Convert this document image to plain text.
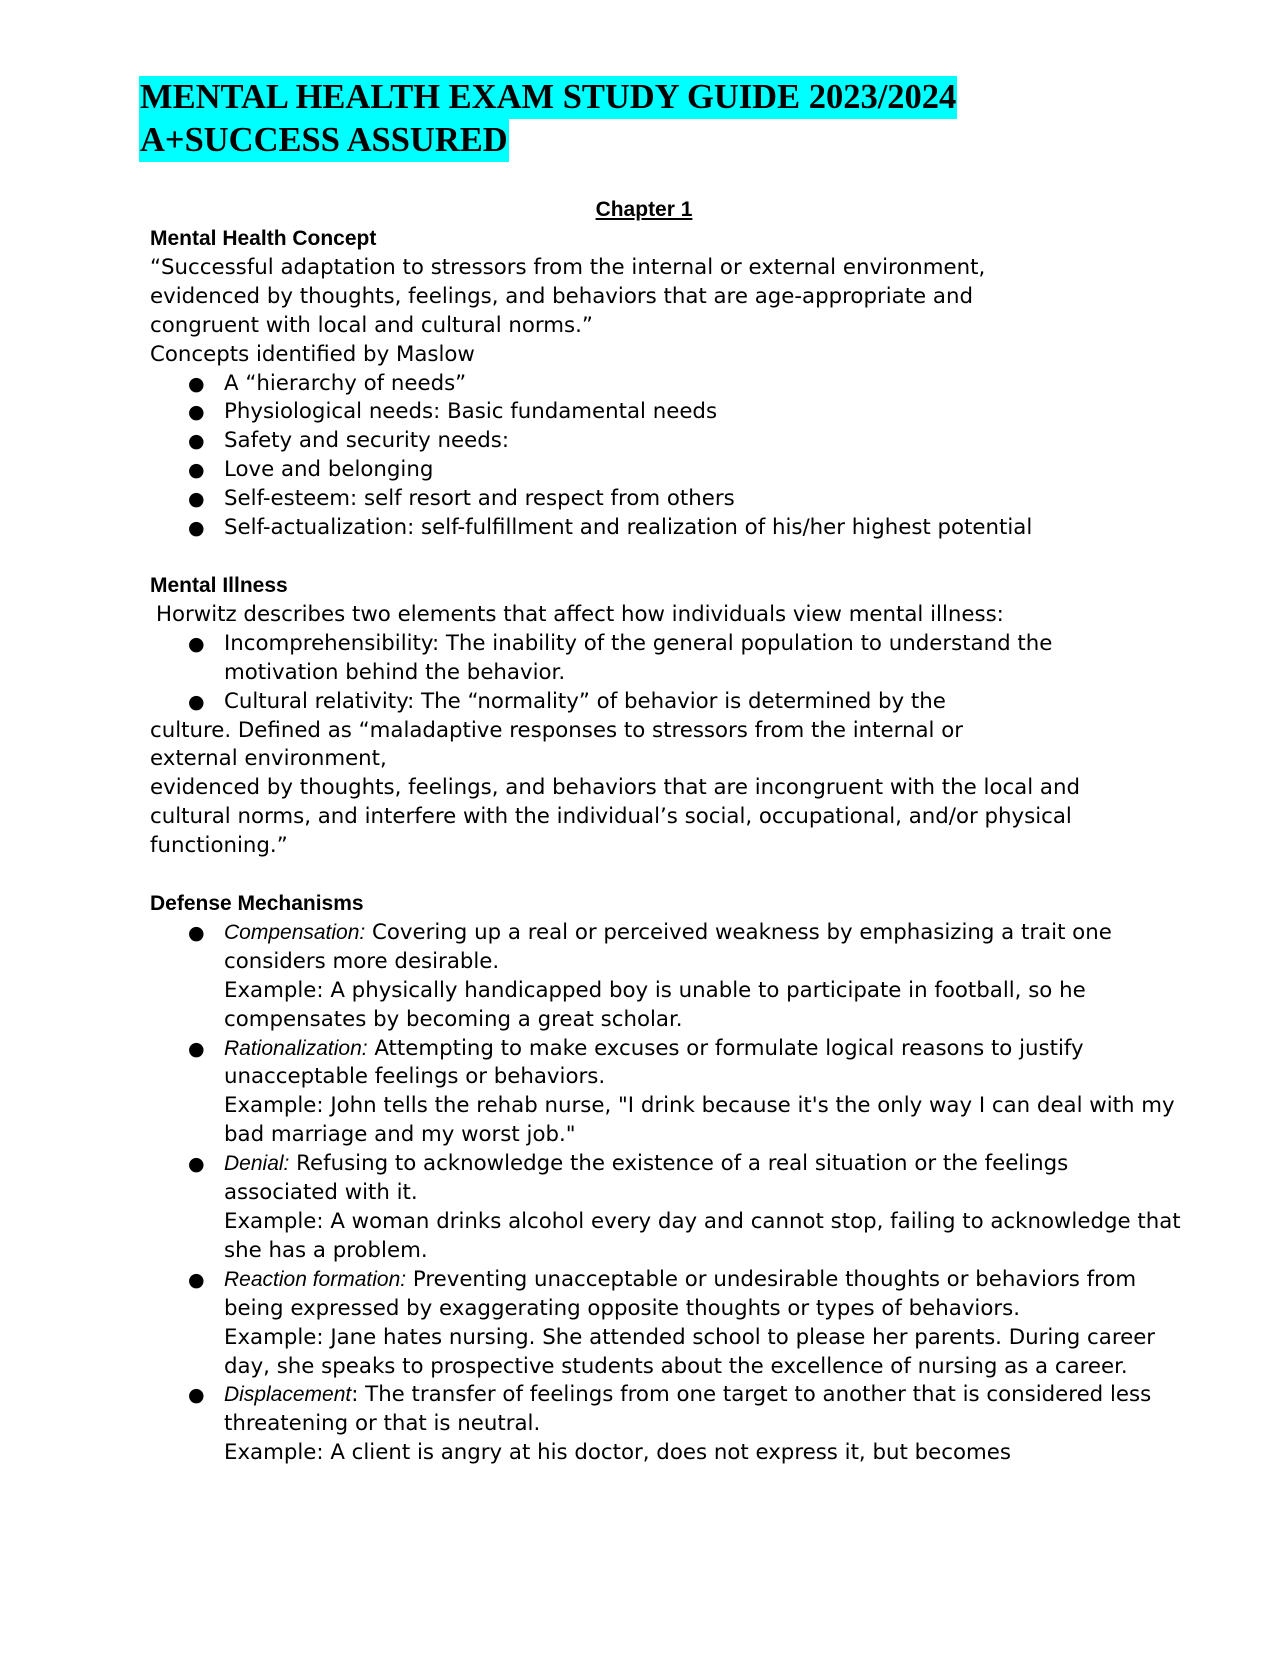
MENTAL HEALTH EXAM STUDY GUIDE 2023/2024
A+SUCCESS ASSURED
Chapter 1

Mental Health Concept

“Successful adaptation to stressors from the internal or external environment, evidenced by thoughts, feelings, and behaviors that are age-appropriate and congruent with local and cultural norms.”

Concepts identified by Maslow

● A “hierarchy of needs”
● Physiological needs: Basic fundamental needs
● Safety and security needs:
● Love and belonging
● Self-esteem: self resort and respect from others
● Self-actualization: self-fulfillment and realization of his/her highest potential

Mental Illness

Horwitz describes two elements that affect how individuals view mental illness:

● Incomprehensibility: The inability of the general population to understand the motivation behind the behavior.
● Cultural relativity: The “normality” of behavior is determined by the

culture. Defined as “maladaptive responses to stressors from the internal or external environment,

evidenced by thoughts, feelings, and behaviors that are incongruent with the local and cultural norms, and interfere with the individual’s social, occupational, and/or physical functioning.”

Defense Mechanisms

● Compensation: Covering up a real or perceived weakness by emphasizing a trait one considers more desirable.
Example: A physically handicapped boy is unable to participate in football, so he compensates by becoming a great scholar.
● Rationalization: Attempting to make excuses or formulate logical reasons to justify unacceptable feelings or behaviors.
Example: John tells the rehab nurse, "I drink because it's the only way I can deal with my bad marriage and my worst job."
● Denial: Refusing to acknowledge the existence of a real situation or the feelings associated with it.
Example: A woman drinks alcohol every day and cannot stop, failing to acknowledge that she has a problem.
● Reaction formation: Preventing unacceptable or undesirable thoughts or behaviors from being expressed by exaggerating opposite thoughts or types of behaviors.
Example: Jane hates nursing. She attended school to please her parents. During career day, she speaks to prospective students about the excellence of nursing as a career.
● Displacement: The transfer of feelings from one target to another that is considered less threatening or that is neutral.
Example: A client is angry at his doctor, does not express it, but becomes
